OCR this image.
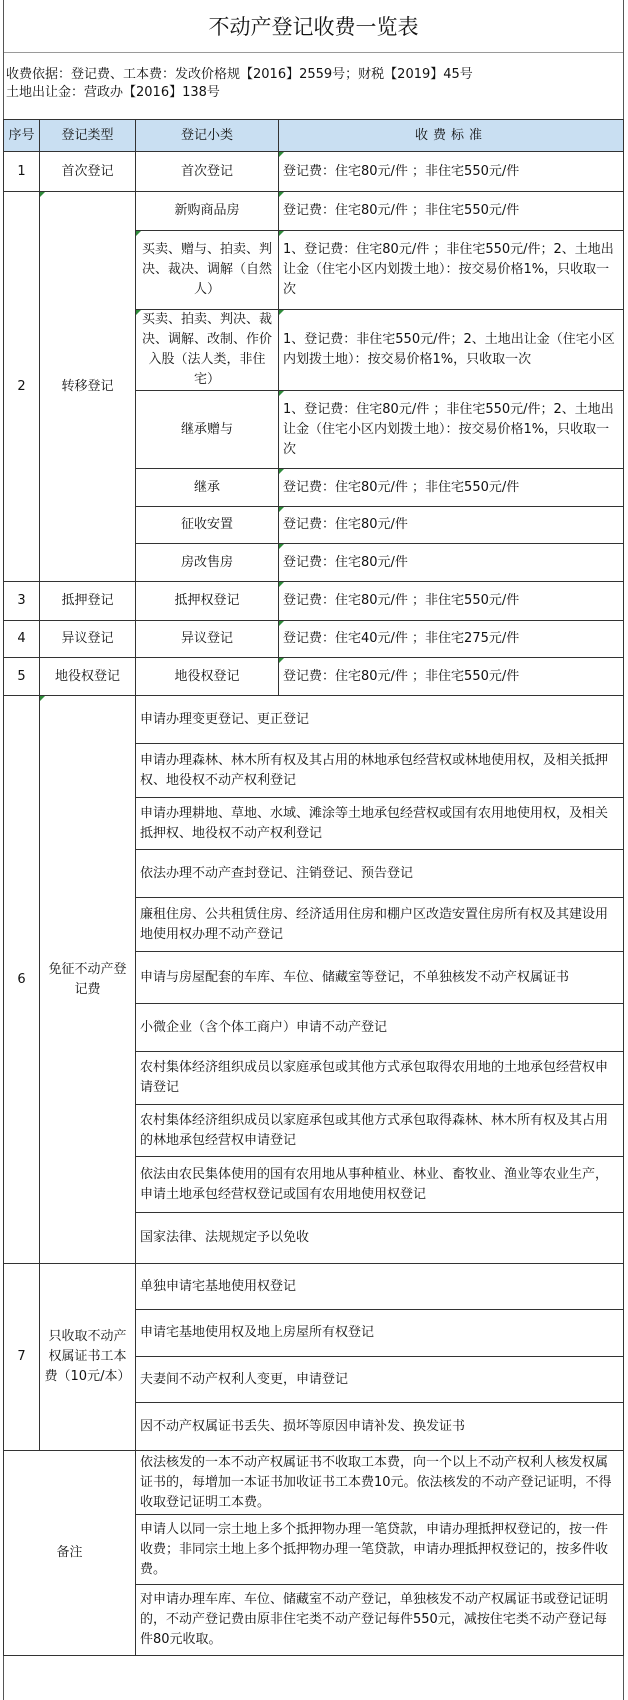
不动产登记收费一览表
收费依据：登记费、工本费：发改价格规【2016】2559号；财税【2019】45号
土地出让金：营政办【2016】138号
序号	登记类型	登记小类	收费标准
1	首次登记	首次登记	登记费：住宅80元/件 ；非住宅550元/件
2	转移登记	新购商品房	登记费：住宅80元/件 ；非住宅550元/件
		买卖、赠与、拍卖、判决、裁决、调解（自然人）	1、登记费：住宅80元/件 ；非住宅550元/件；2、土地出让金（住宅小区内划拨土地）：按交易价格1%，只收取一次
		买卖、拍卖、判决、裁决、调解、改制、作价入股（法人类，非住宅）	1、登记费：非住宅550元/件；2、土地出让金（住宅小区内划拨土地）：按交易价格1%，只收取一次
		继承赠与	1、登记费：住宅80元/件 ；非住宅550元/件；2、土地出让金（住宅小区内划拨土地）：按交易价格1%，只收取一次
		继承	登记费：住宅80元/件 ；非住宅550元/件
		征收安置	登记费：住宅80元/件
		房改售房	登记费：住宅80元/件
3	抵押登记	抵押权登记	登记费：住宅80元/件 ；非住宅550元/件
4	异议登记	异议登记	登记费：住宅40元/件 ；非住宅275元/件
5	地役权登记	地役权登记	登记费：住宅80元/件 ；非住宅550元/件
6	免征不动产登记费	申请办理变更登记、更正登记	
		申请办理森林、林木所有权及其占用的林地承包经营权或林地使用权，及相关抵押权、地役权不动产权利登记	
		申请办理耕地、草地、水域、滩涂等土地承包经营权或国有农用地使用权，及相关抵押权、地役权不动产权利登记	
		依法办理不动产查封登记、注销登记、预告登记	
		廉租住房、公共租赁住房、经济适用住房和棚户区改造安置住房所有权及其建设用地使用权办理不动产登记	
		申请与房屋配套的车库、车位、储藏室等登记，不单独核发不动产权属证书	
		小微企业（含个体工商户）申请不动产登记	
		农村集体经济组织成员以家庭承包或其他方式承包取得农用地的土地承包经营权申请登记	
		农村集体经济组织成员以家庭承包或其他方式承包取得森林、林木所有权及其占用的林地承包经营权申请登记	
		依法由农民集体使用的国有农用地从事种植业、林业、畜牧业、渔业等农业生产，申请土地承包经营权登记或国有农用地使用权登记	
		国家法律、法规规定予以免收	
7	只收取不动产权属证书工本费（10元/本）	单独申请宅基地使用权登记	
		申请宅基地使用权及地上房屋所有权登记	
		夫妻间不动产权利人变更，申请登记	
		因不动产权属证书丢失、损坏等原因申请补发、换发证书	
备注		依法核发的一本不动产权属证书不收取工本费，向一个以上不动产权利人核发权属证书的，每增加一本证书加收证书工本费10元。依法核发的不动产登记证明，不得收取登记证明工本费。	
		申请人以同一宗土地上多个抵押物办理一笔贷款，申请办理抵押权登记的，按一件收费；非同宗土地上多个抵押物办理一笔贷款，申请办理抵押权登记的，按多件收费。	
		对申请办理车库、车位、储藏室不动产登记，单独核发不动产权属证书或登记证明的，不动产登记费由原非住宅类不动产登记每件550元，减按住宅类不动产登记每件80元收取。	
